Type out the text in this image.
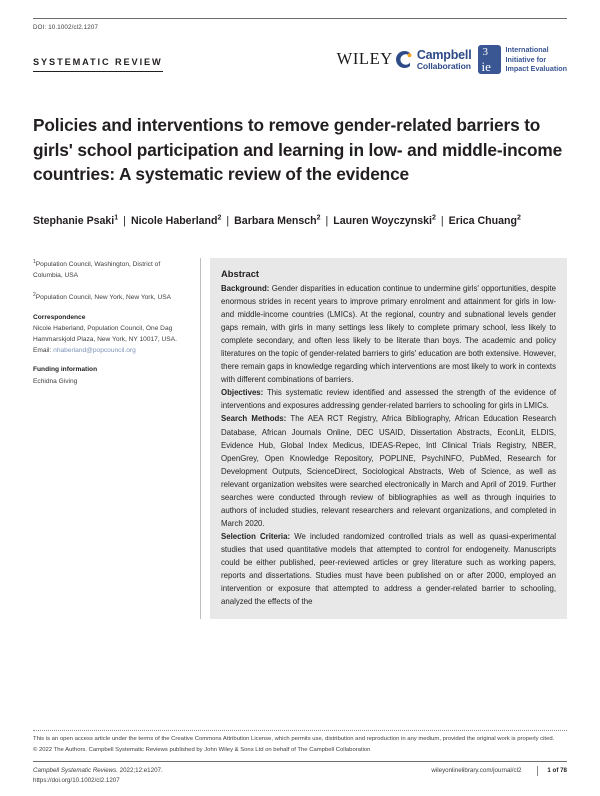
DOI: 10.1002/cl2.1207
SYSTEMATIC REVIEW	WILEY Campbell
Collaboration
3
ie
International
Initiative for
Impact Evaluation
Policies and interventions to remove gender-related barriers to girls' school participation and learning in low- and middle-income countries: A systematic review of the evidence
Stephanie Psaki$^1$ | Nicole Haberland$^2$ | Barbara Mensch$^2$ | Lauren Woyczynski$^2$ | Erica Chuang$^2$

$^1$Population Council, Washington, District of Columbia, USA

$^2$Population Council, New York, New York, USA

Correspondence

Nicole Haberland, Population Council, One Dag Hammarskjold Plaza, New York, NY 10017, USA.
Email: nhaberland@popcouncil.org

Funding information

Echidna Giving

Abstract
Background: Gender disparities in education continue to undermine girls' opportunities, despite enormous strides in recent years to improve primary enrolment and attainment for girls in low- and middle-income countries (LMICs). At the regional, country and subnational levels gender gaps remain, with girls in many settings less likely to complete primary school, less likely to complete secondary, and often less likely to be literate than boys. The academic and policy literatures on the topic of gender-related barriers to girls' education are both extensive. However, there remain gaps in knowledge regarding which interventions are most likely to work in contexts with different combinations of barriers.
Objectives: This systematic review identified and assessed the strength of the evidence of interventions and exposures addressing gender-related barriers to schooling for girls in LMICs.
Search Methods: The AEA RCT Registry, Africa Bibliography, African Education Research Database, African Journals Online, DEC USAID, Dissertation Abstracts, EconLit, ELDIS, Evidence Hub, Global Index Medicus, IDEAS-Repec, Intl Clinical Trials Registry, NBER, OpenGrey, Open Knowledge Repository, POPLINE, PsychINFO, PubMed, Research for Development Outputs, ScienceDirect, Sociological Abstracts, Web of Science, as well as relevant organization websites were searched electronically in March and April of 2019. Further searches were conducted through review of bibliographies as well as through inquiries to authors of included studies, relevant researchers and relevant organizations, and completed in March 2020.
Selection Criteria: We included randomized controlled trials as well as quasi-experimental studies that used quantitative models that attempted to control for endogeneity. Manuscripts could be either published, peer-reviewed articles or grey literature such as working papers, reports and dissertations. Studies must have been published on or after 2000, employed an intervention or exposure that attempted to address a gender-related barrier to schooling, analyzed the effects of the
This is an open access article under the terms of the Creative Commons Attribution License, which permits use, distribution and reproduction in any medium, provided the original work is properly cited.
© 2022 The Authors. Campbell Systematic Reviews published by John Wiley & Sons Ltd on behalf of The Campbell Collaboration
Campbell Systematic Reviews. 2022;12:e1207.
https://doi.org/10.1002/cl2.1207
wileyonlinelibrary.com/journal/cl2	1 of 78
